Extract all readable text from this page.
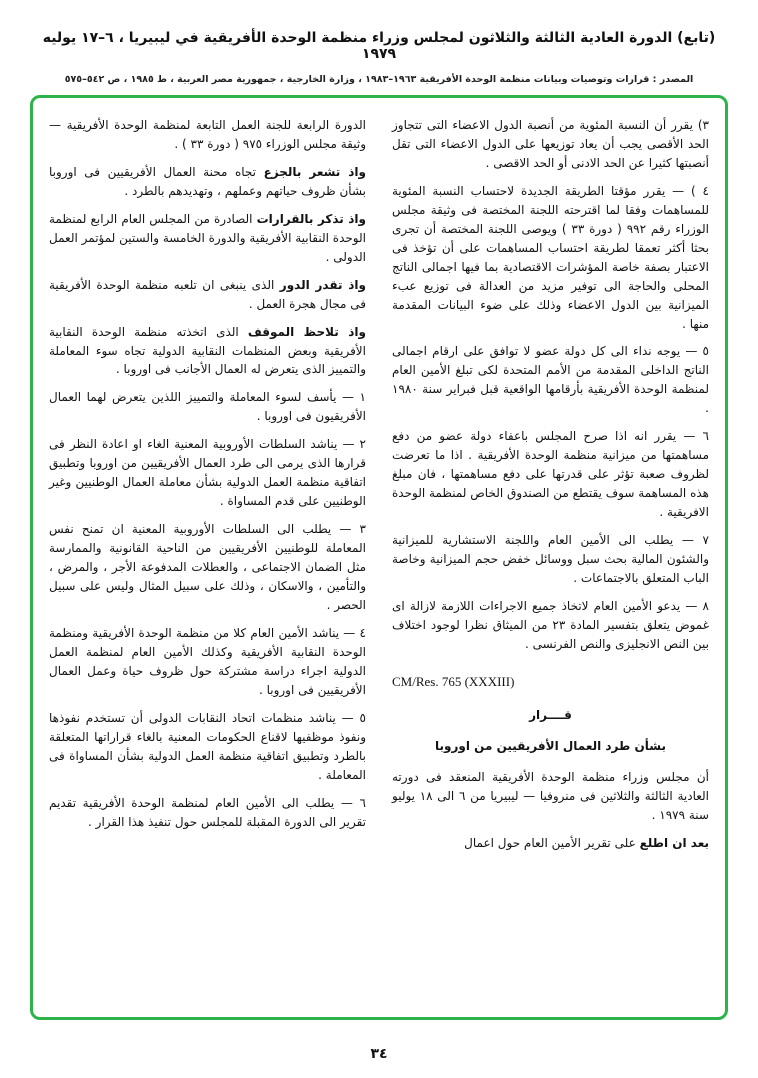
(تابع) الدورة العادية الثالثة والثلاثون لمجلس وزراء منظمة الوحدة الأفريقية في ليبيريا ، ٦–١٧ يوليه ١٩٧٩
المصدر : قرارات وتوصيات وبيانات منظمة الوحدة الأفريقية ١٩٦٣–١٩٨٣ ، وزارة الخارجية ، جمهورية مصر العربية ، ط ١٩٨٥ ، ص ٥٤٢–٥٧٥

٣) يقرر أن النسبة المئوية من أنصبة الدول الاعضاء التى تتجاوز الحد الأقصى يجب أن يعاد توزيعها على الدول الاعضاء التى تقل أنصبتها كثيرا عن الحد الادنى أو الحد الاقصى .

٤ ) — يقرر مؤقتا الطريقة الجديدة لاحتساب النسبة المئوية للمساهمات وفقا لما اقترحته اللجنة المختصة فى وثيقة مجلس الوزراء رقم ٩٩٢ ( دورة ٣٣ ) ويوصى اللجنة المختصة أن تجرى بحثا أكثر تعمقا لطريقة احتساب المساهمات على أن تؤخذ فى الاعتبار بصفة خاصة المؤشرات الاقتصادية بما فيها اجمالى الناتج المحلى والحاجة الى توفير مزيد من العدالة فى توزيع عبء الميزانية بين الدول الاعضاء وذلك على ضوء البيانات المقدمة منها .

٥ — يوجه نداء الى كل دولة عضو لا توافق على ارقام اجمالى الناتج الداخلى المقدمة من الأمم المتحدة لكى تبلغ الأمين العام لمنظمة الوحدة الأفريقية بأرقامها الواقعية قبل فبراير سنة ١٩٨٠ .

٦ — يقرر انه اذا صرح المجلس باعفاء دولة عضو من دفع مساهمتها من ميزانية منظمة الوحدة الأفريقية . اذا ما تعرضت لظروف صعبة تؤثر على قدرتها على دفع مساهمتها ، فان مبلغ هذه المساهمة سوف يقتطع من الصندوق الخاص لمنظمة الوحدة الافريقية .

٧ — يطلب الى الأمين العام واللجنة الاستشارية للميزانية والشئون المالية بحث سبل ووسائل خفض حجم الميزانية وخاصة الباب المتعلق بالاجتماعات .

٨ — يدعو الأمين العام لاتخاذ جميع الاجراءات اللازمة لازالة اى غموض يتعلق بتفسير المادة ٢٣ من الميثاق نظرا لوجود اختلاف بين النص الانجليزى والنص الفرنسى .

CM/Res. 765 (XXXIII)

قــــرار

بشأن طرد العمال الأفريقيين من اوروبا

أن مجلس وزراء منظمة الوحدة الأفريقية المنعقد فى دورته العادية الثالثة والثلاثين فى منروفيا — ليبيريا من ٦ الى ١٨ يوليو سنة ١٩٧٩ .

بعد ان اطلع على تقرير الأمين العام حول اعمال

الدورة الرابعة للجنة العمل التابعة لمنظمة الوحدة الأفريقية — وثيقة مجلس الوزراء ٩٧٥ ( دورة ٣٣ ) .

واذ تشعر بالجزع تجاه محنة العمال الأفريقيين فى اوروبا بشأن ظروف حياتهم وعملهم ، وتهديدهم بالطرد .

واذ تذكر بالقرارات الصادرة من المجلس العام الرابع لمنظمة الوحدة النقابية الأفريقية والدورة الخامسة والستين لمؤتمر العمل الدولى .

واذ تقدر الدور الذى ينبغى ان تلعبه منظمة الوحدة الأفريقية فى مجال هجرة العمل .

واذ تلاحظ الموقف الذى اتخذته منظمة الوحدة النقابية الأفريقية وبعض المنظمات النقابية الدولية تجاه سوء المعاملة والتمييز الذى يتعرض له العمال الأجانب فى اوروبا .

١ — يأسف لسوء المعاملة والتمييز اللذين يتعرض لهما العمال الأفريقيون فى اوروبا .

٢ — يناشد السلطات الأوروبية المعنية الغاء او اعادة النظر فى قرارها الذى يرمى الى طرد العمال الأفريقيين من اوروبا وتطبيق اتفاقية منظمة العمل الدولية بشأن معاملة العمال الوطنيين وغير الوطنيين على قدم المساواة .

٣ — يطلب الى السلطات الأوروبية المعنية ان تمنح نفس المعاملة للوطنيين الأفريقيين من الناحية القانونية والممارسة مثل الضمان الاجتماعى ، والعطلات المدفوعة الأجر ، والمرض ، والتأمين ، والاسكان ، وذلك على سبيل المثال وليس على سبيل الحصر .

٤ — يناشد الأمين العام كلا من منظمة الوحدة الأفريقية ومنظمة الوحدة النقابية الأفريقية وكذلك الأمين العام لمنظمة العمل الدولية اجراء دراسة مشتركة حول ظروف حياة وعمل العمال الأفريقيين فى اوروبا .

٥ — يناشد منظمات اتحاد النقابات الدولى أن تستخدم نفوذها ونفوذ موظفيها لاقناع الحكومات المعنية بالغاء قراراتها المتعلقة بالطرد وتطبيق اتفاقية منظمة العمل الدولية بشأن المساواة فى المعاملة .

٦ — يطلب الى الأمين العام لمنظمة الوحدة الأفريقية تقديم تقرير الى الدورة المقبلة للمجلس حول تنفيذ هذا القرار .

٣٤
